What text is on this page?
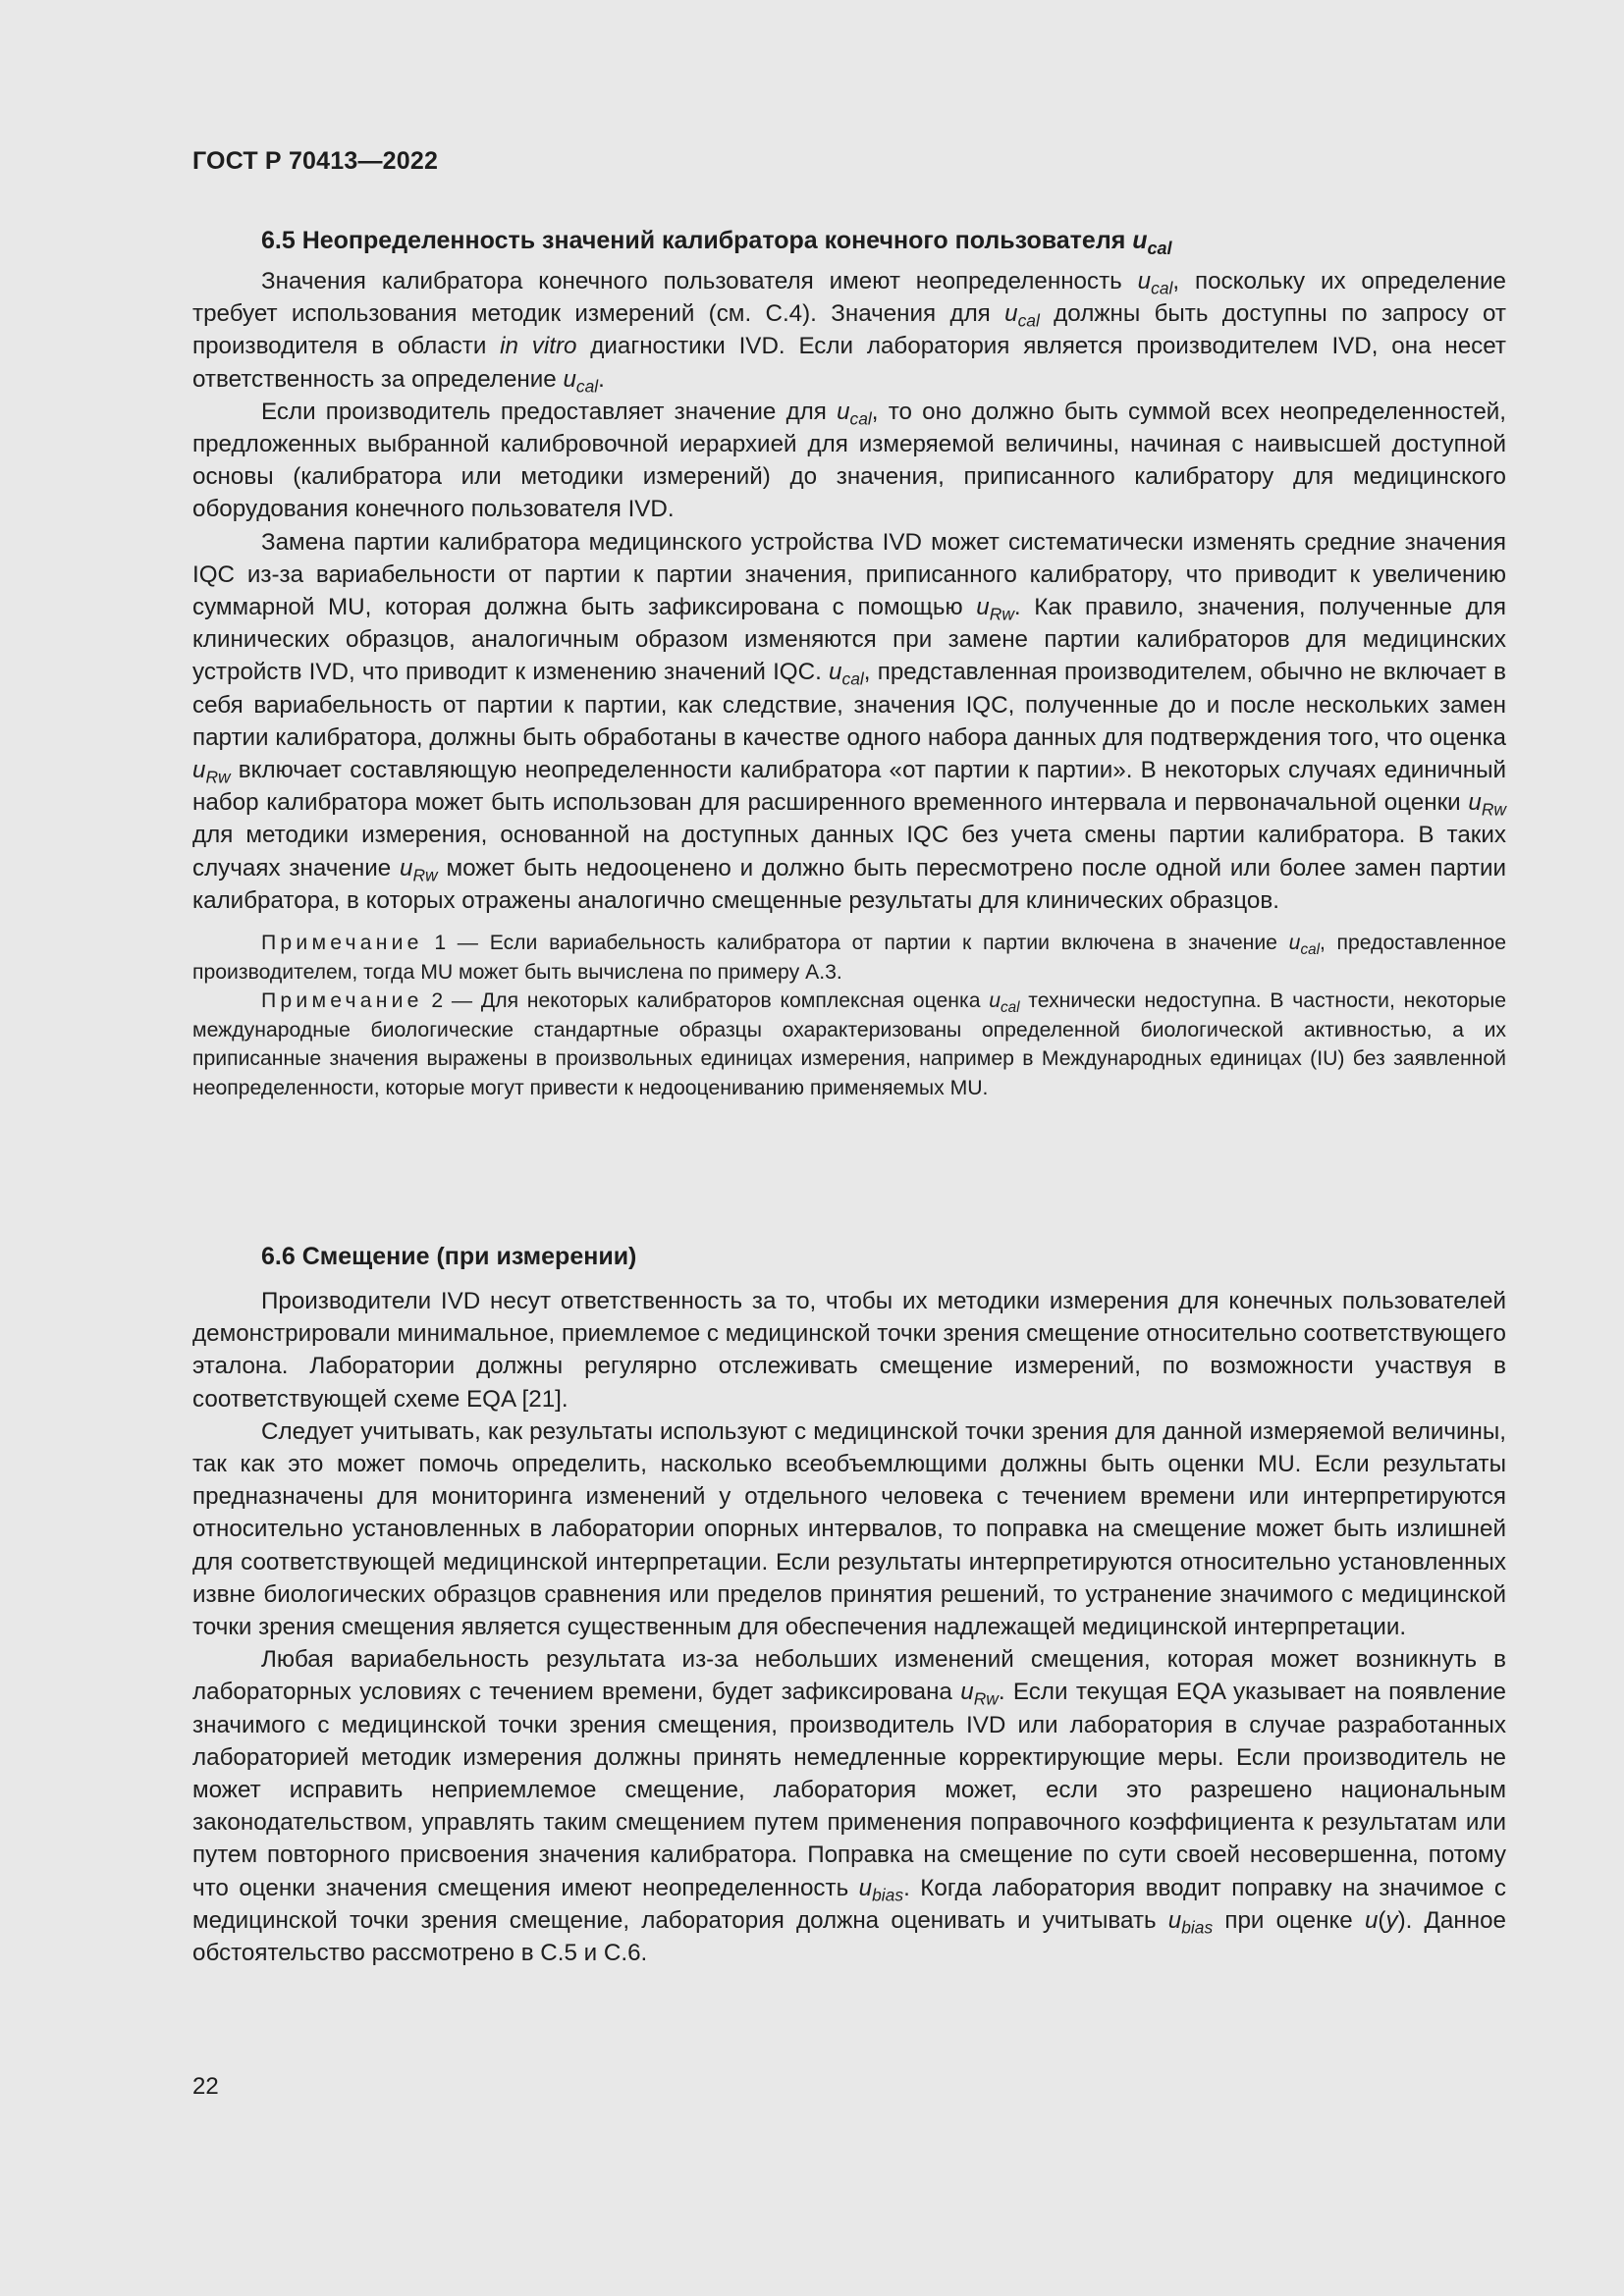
ГОСТ Р 70413—2022
6.5 Неопределенность значений калибратора конечного пользователя $u_{cal}$

Значения калибратора конечного пользователя имеют неопределенность $u_{cal}$, поскольку их определение требует использования методик измерений (см. С.4). Значения для $u_{cal}$ должны быть доступны по запросу от производителя в области in vitro диагностики IVD. Если лаборатория является производителем IVD, она несет ответственность за определение $u_{cal}$.

Если производитель предоставляет значение для $u_{cal}$, то оно должно быть суммой всех неопределенностей, предложенных выбранной калибровочной иерархией для измеряемой величины, начиная с наивысшей доступной основы (калибратора или методики измерений) до значения, приписанного калибратору для медицинского оборудования конечного пользователя IVD.

Замена партии калибратора медицинского устройства IVD может систематически изменять средние значения IQC из-за вариабельности от партии к партии значения, приписанного калибратору, что приводит к увеличению суммарной MU, которая должна быть зафиксирована с помощью $u_{Rw}$. Как правило, значения, полученные для клинических образцов, аналогичным образом изменяются при замене партии калибраторов для медицинских устройств IVD, что приводит к изменению значений IQC. $u_{cal}$, представленная производителем, обычно не включает в себя вариабельность от партии к партии, как следствие, значения IQC, полученные до и после нескольких замен партии калибратора, должны быть обработаны в качестве одного набора данных для подтверждения того, что оценка $u_{Rw}$ включает составляющую неопределенности калибратора «от партии к партии». В некоторых случаях единичный набор калибратора может быть использован для расширенного временного интервала и первоначальной оценки $u_{Rw}$ для методики измерения, основанной на доступных данных IQC без учета смены партии калибратора. В таких случаях значение $u_{Rw}$ может быть недооценено и должно быть пересмотрено после одной или более замен партии калибратора, в которых отражены аналогично смещенные результаты для клинических образцов.

Примечание 1 — Если вариабельность калибратора от партии к партии включена в значение $u_{cal}$, предоставленное производителем, тогда MU может быть вычислена по примеру А.3.

Примечание 2 — Для некоторых калибраторов комплексная оценка $u_{cal}$ технически недоступна. В частности, некоторые международные биологические стандартные образцы охарактеризованы определенной биологической активностью, а их приписанные значения выражены в произвольных единицах измерения, например в Международных единицах (IU) без заявленной неопределенности, которые могут привести к недооцениванию применяемых MU.

6.6 Смещение (при измерении)

Производители IVD несут ответственность за то, чтобы их методики измерения для конечных пользователей демонстрировали минимальное, приемлемое с медицинской точки зрения смещение относительно соответствующего эталона. Лаборатории должны регулярно отслеживать смещение измерений, по возможности участвуя в соответствующей схеме EQA [21].

Следует учитывать, как результаты используют с медицинской точки зрения для данной измеряемой величины, так как это может помочь определить, насколько всеобъемлющими должны быть оценки MU. Если результаты предназначены для мониторинга изменений у отдельного человека с течением времени или интерпретируются относительно установленных в лаборатории опорных интервалов, то поправка на смещение может быть излишней для соответствующей медицинской интерпретации. Если результаты интерпретируются относительно установленных извне биологических образцов сравнения или пределов принятия решений, то устранение значимого с медицинской точки зрения смещения является существенным для обеспечения надлежащей медицинской интерпретации.

Любая вариабельность результата из-за небольших изменений смещения, которая может возникнуть в лабораторных условиях с течением времени, будет зафиксирована $u_{Rw}$. Если текущая EQA указывает на появление значимого с медицинской точки зрения смещения, производитель IVD или лаборатория в случае разработанных лабораторией методик измерения должны принять немедленные корректирующие меры. Если производитель не может исправить неприемлемое смещение, лаборатория может, если это разрешено национальным законодательством, управлять таким смещением путем применения поправочного коэффициента к результатам или путем повторного присвоения значения калибратора. Поправка на смещение по сути своей несовершенна, потому что оценки значения смещения имеют неопределенность $u_{bias}$. Когда лаборатория вводит поправку на значимое с медицинской точки зрения смещение, лаборатория должна оценивать и учитывать $u_{bias}$ при оценке u(y). Данное обстоятельство рассмотрено в С.5 и С.6.

22
